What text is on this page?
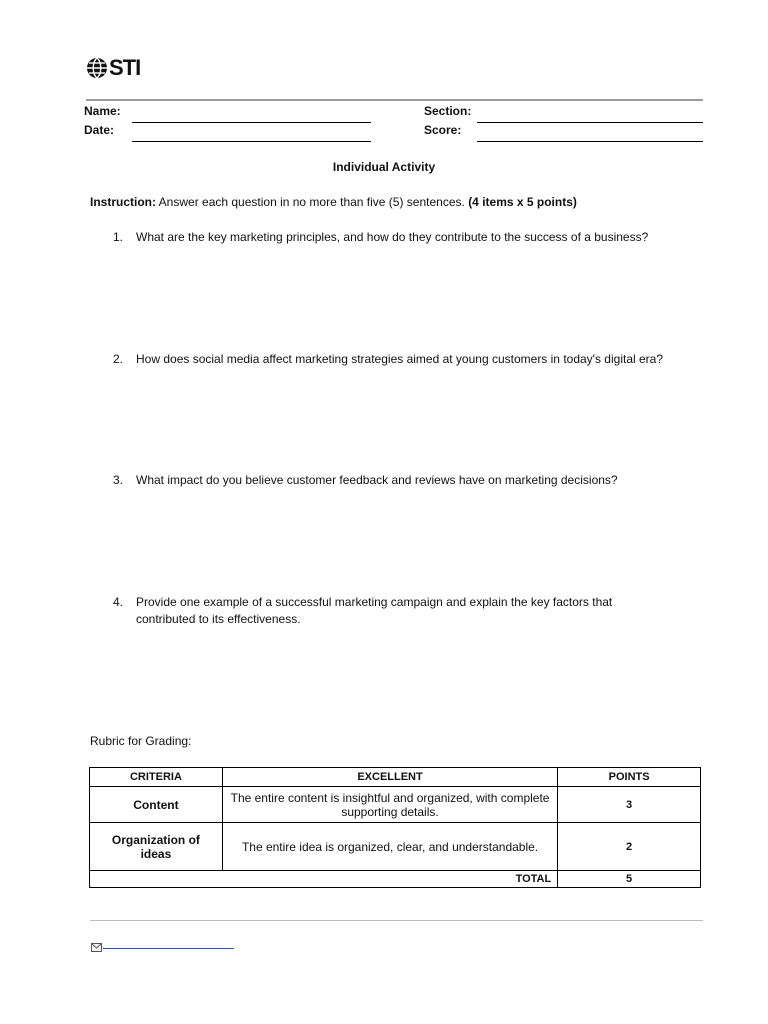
STI
Name:
Date:
Section:
Score:
Individual Activity
Instruction: Answer each question in no more than five (5) sentences. (4 items x 5 points)
1. What are the key marketing principles, and how do they contribute to the success of a business?
2. How does social media affect marketing strategies aimed at young customers in today's digital era?
3. What impact do you believe customer feedback and reviews have on marketing decisions?
4. Provide one example of a successful marketing campaign and explain the key factors that contributed to its effectiveness.
Rubric for Grading:
CRITERIA	EXCELLENT	POINTS
Content	The entire content is insightful and organized, with complete supporting details.	3
Organization of ideas	The entire idea is organized, clear, and understandable.	2
TOTAL		5
